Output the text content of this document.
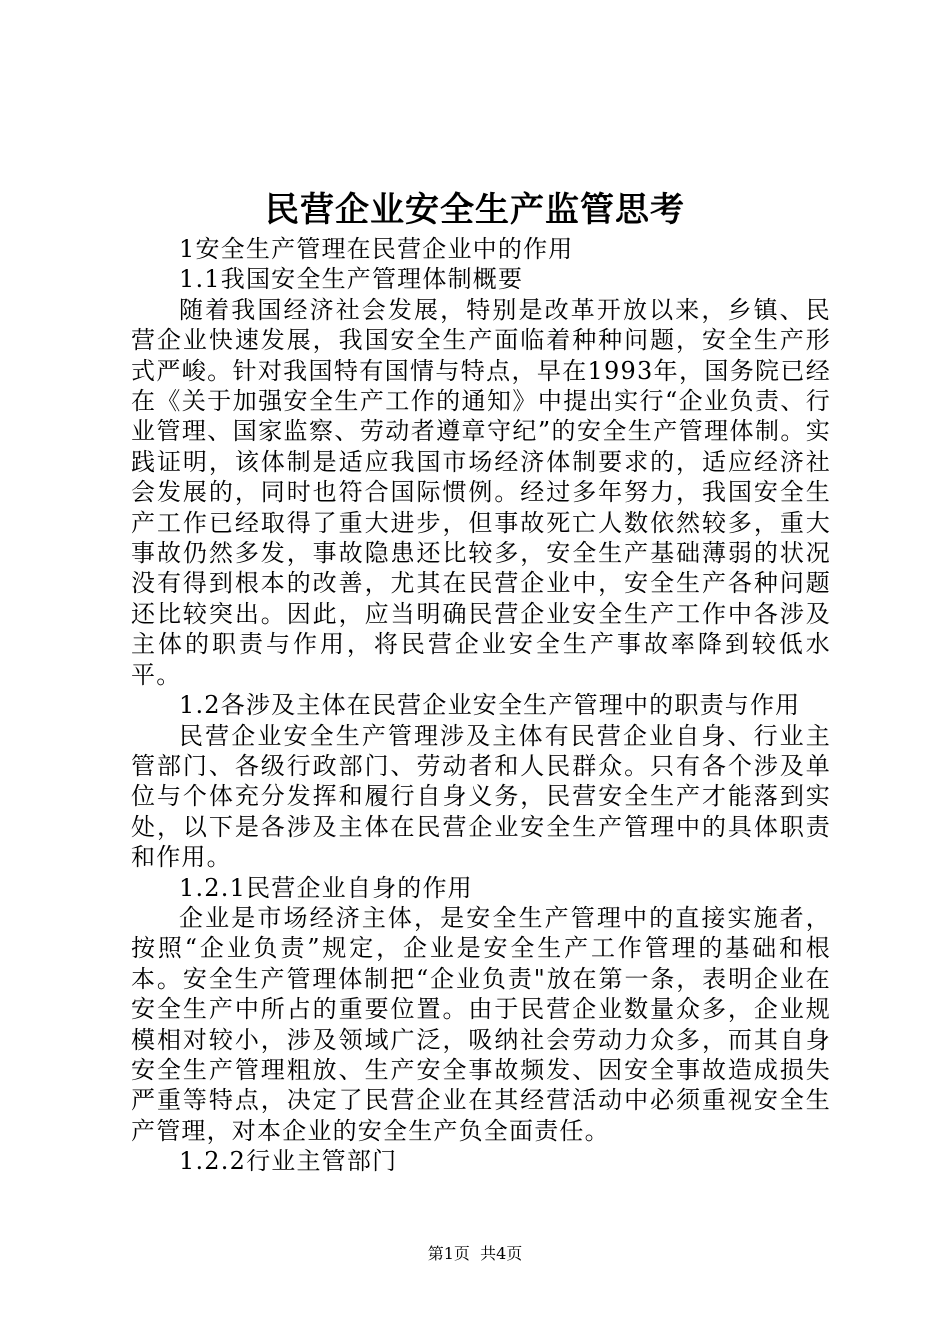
民营企业安全生产监管思考

1安全生产管理在民营企业中的作用

1.1我国安全生产管理体制概要

随着我国经济社会发展，特别是改革开放以来，乡镇、民营企业快速发展，我国安全生产面临着种种问题，安全生产形式严峻。针对我国特有国情与特点，早在1993年，国务院已经在《关于加强安全生产工作的通知》中提出实行“企业负责、行业管理、国家监察、劳动者遵章守纪”的安全生产管理体制。实践证明，该体制是适应我国市场经济体制要求的，适应经济社会发展的，同时也符合国际惯例。经过多年努力，我国安全生产工作已经取得了重大进步，但事故死亡人数依然较多，重大事故仍然多发，事故隐患还比较多，安全生产基础薄弱的状况没有得到根本的改善，尤其在民营企业中，安全生产各种问题还比较突出。因此，应当明确民营企业安全生产工作中各涉及主体的职责与作用，将民营企业安全生产事故率降到较低水平。

1.2各涉及主体在民营企业安全生产管理中的职责与作用

民营企业安全生产管理涉及主体有民营企业自身、行业主管部门、各级行政部门、劳动者和人民群众。只有各个涉及单位与个体充分发挥和履行自身义务，民营安全生产才能落到实处，以下是各涉及主体在民营企业安全生产管理中的具体职责和作用。

1.2.1民营企业自身的作用

企业是市场经济主体，是安全生产管理中的直接实施者，按照“企业负责”规定，企业是安全生产工作管理的基础和根本。安全生产管理体制把“企业负责"放在第一条，表明企业在安全生产中所占的重要位置。由于民营企业数量众多，企业规模相对较小，涉及领域广泛，吸纳社会劳动力众多，而其自身安全生产管理粗放、生产安全事故频发、因安全事故造成损失严重等特点，决定了民营企业在其经营活动中必须重视安全生产管理，对本企业的安全生产负全面责任。

1.2.2行业主管部门

第1页  共4页
